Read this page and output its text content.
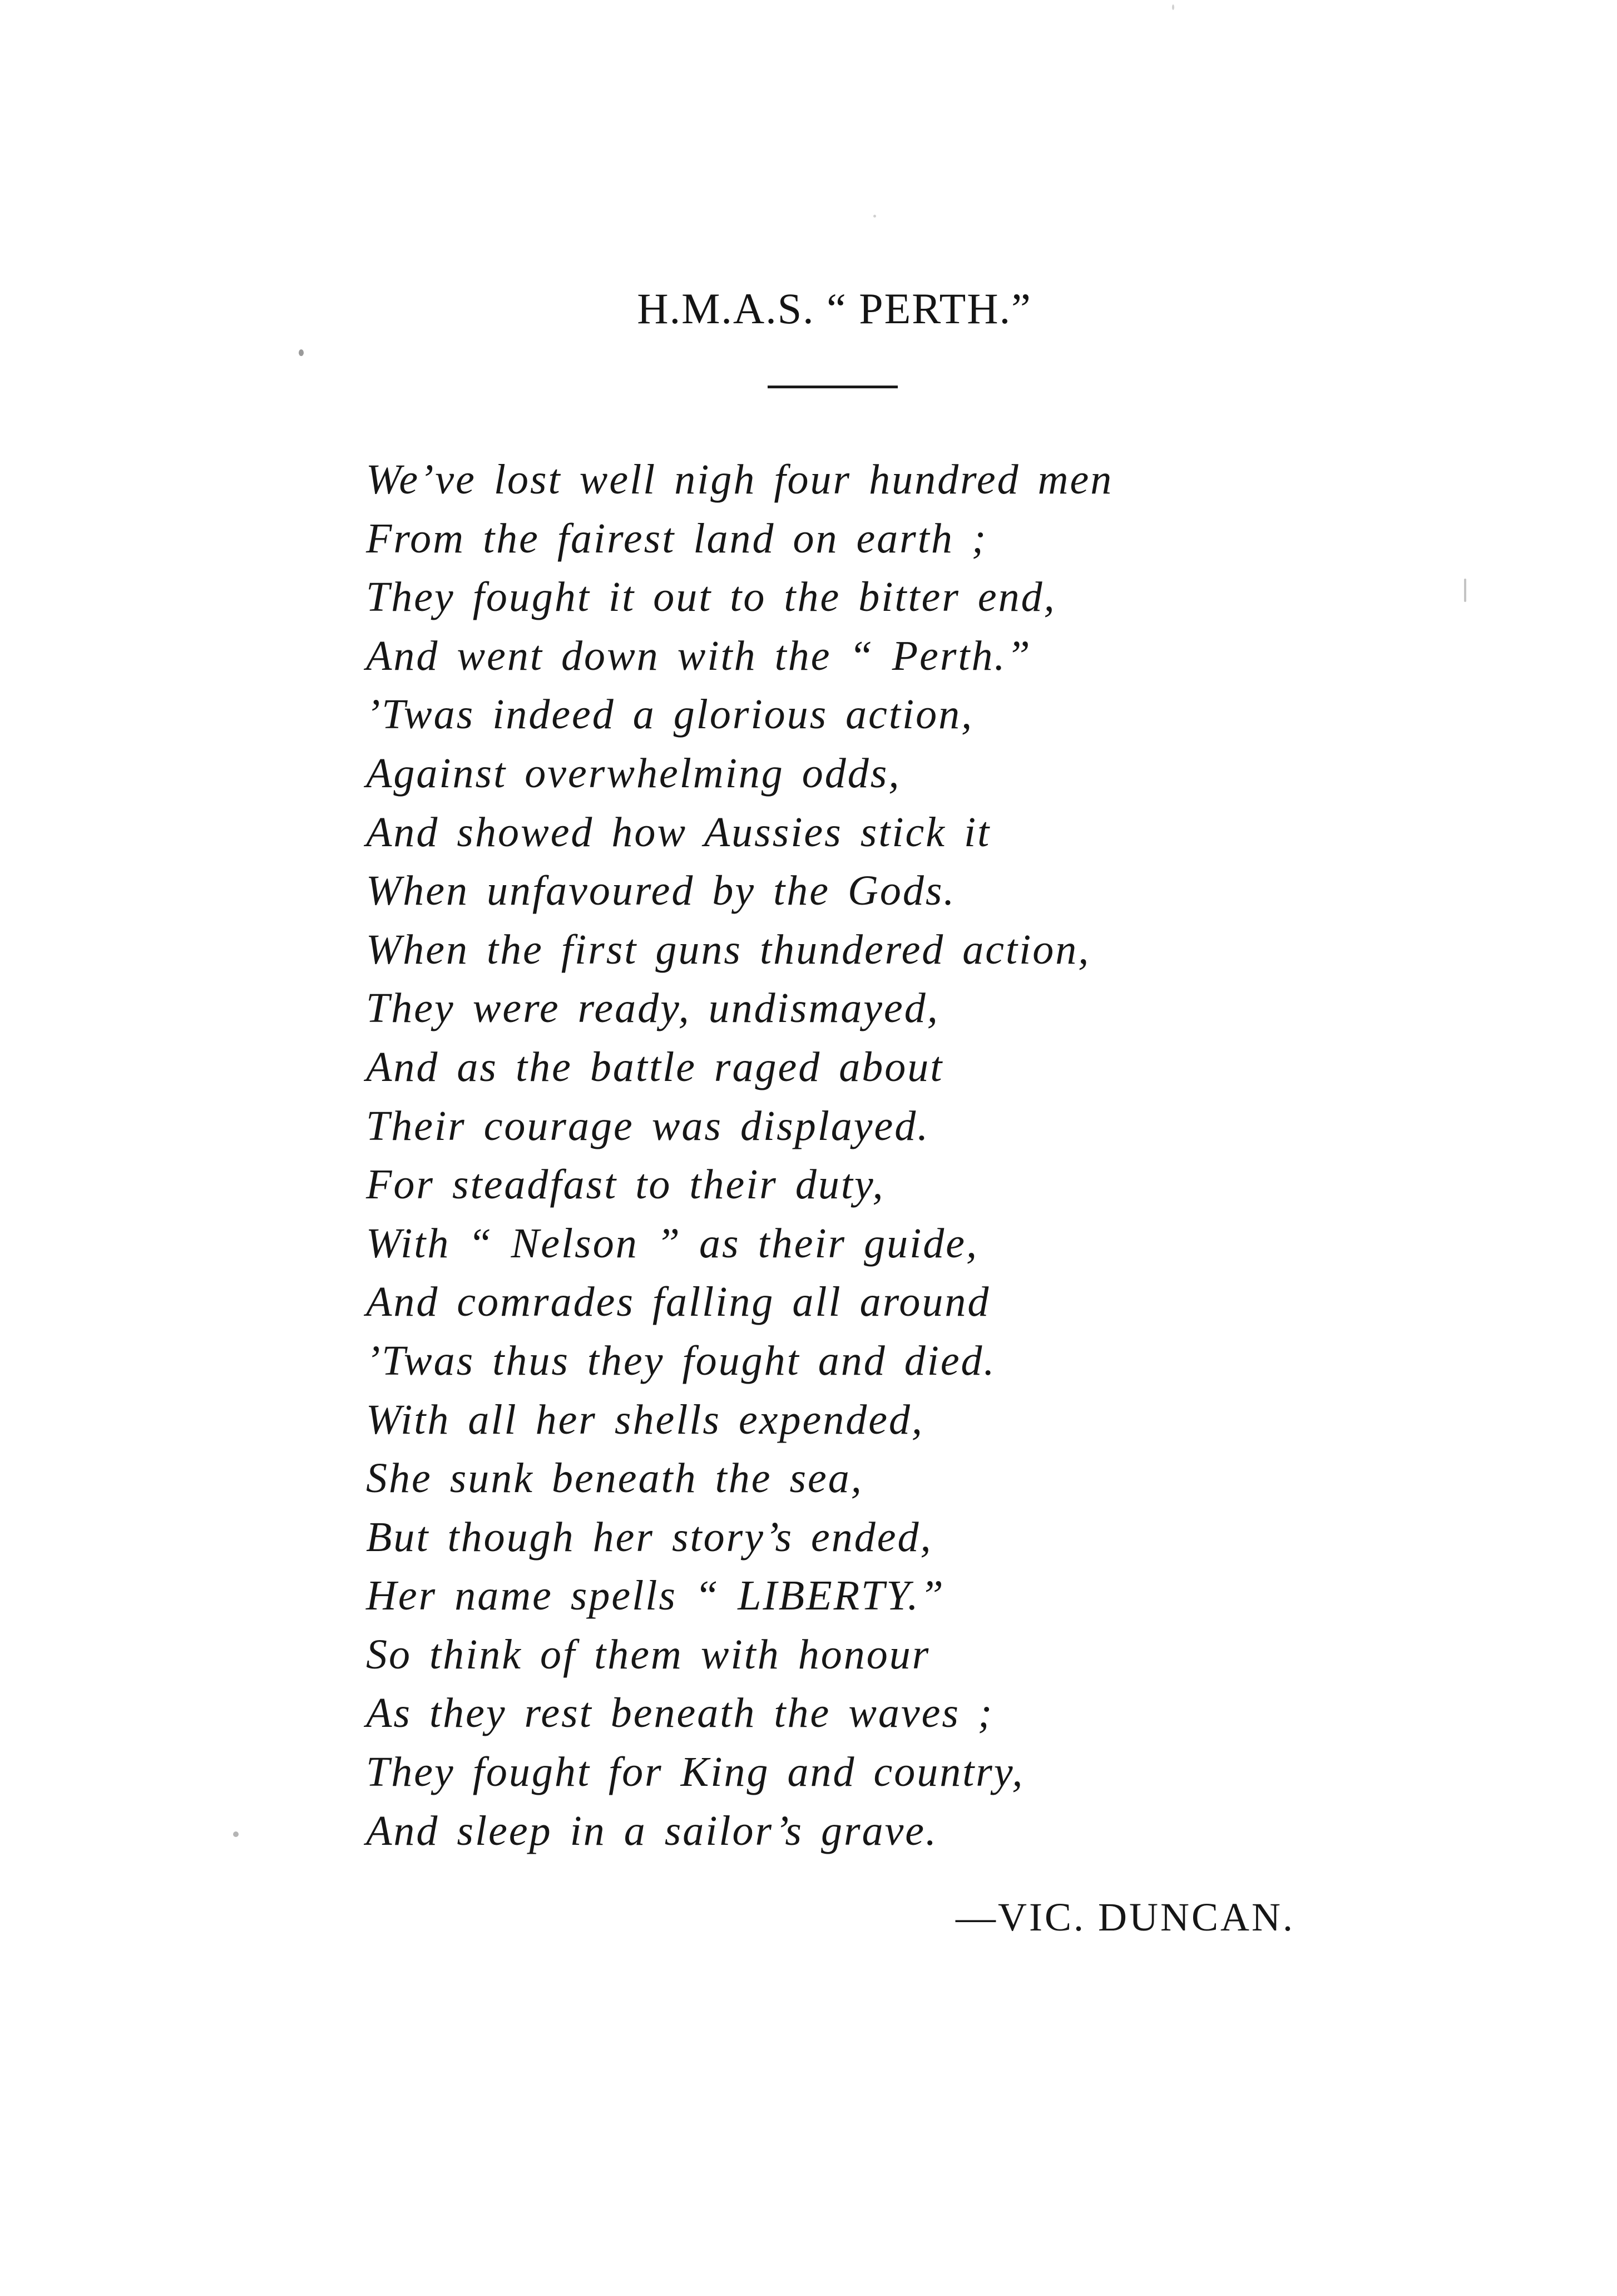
H.M.A.S. “ PERTH.”
We’ve lost well nigh four hundred men
From the fairest land on earth ;
They fought it out to the bitter end,
And went down with the “ Perth.”
’Twas indeed a glorious action,
Against overwhelming odds,
And showed how Aussies stick it
When unfavoured by the Gods.
When the first guns thundered action,
They were ready, undismayed,
And as the battle raged about
Their courage was displayed.
For steadfast to their duty,
With “ Nelson ” as their guide,
And comrades falling all around
’Twas thus they fought and died.
With all her shells expended,
She sunk beneath the sea,
But though her story’s ended,
Her name spells “ LIBERTY.”
So think of them with honour
As they rest beneath the waves ;
They fought for King and country,
And sleep in a sailor’s grave.
—VIC. DUNCAN.
